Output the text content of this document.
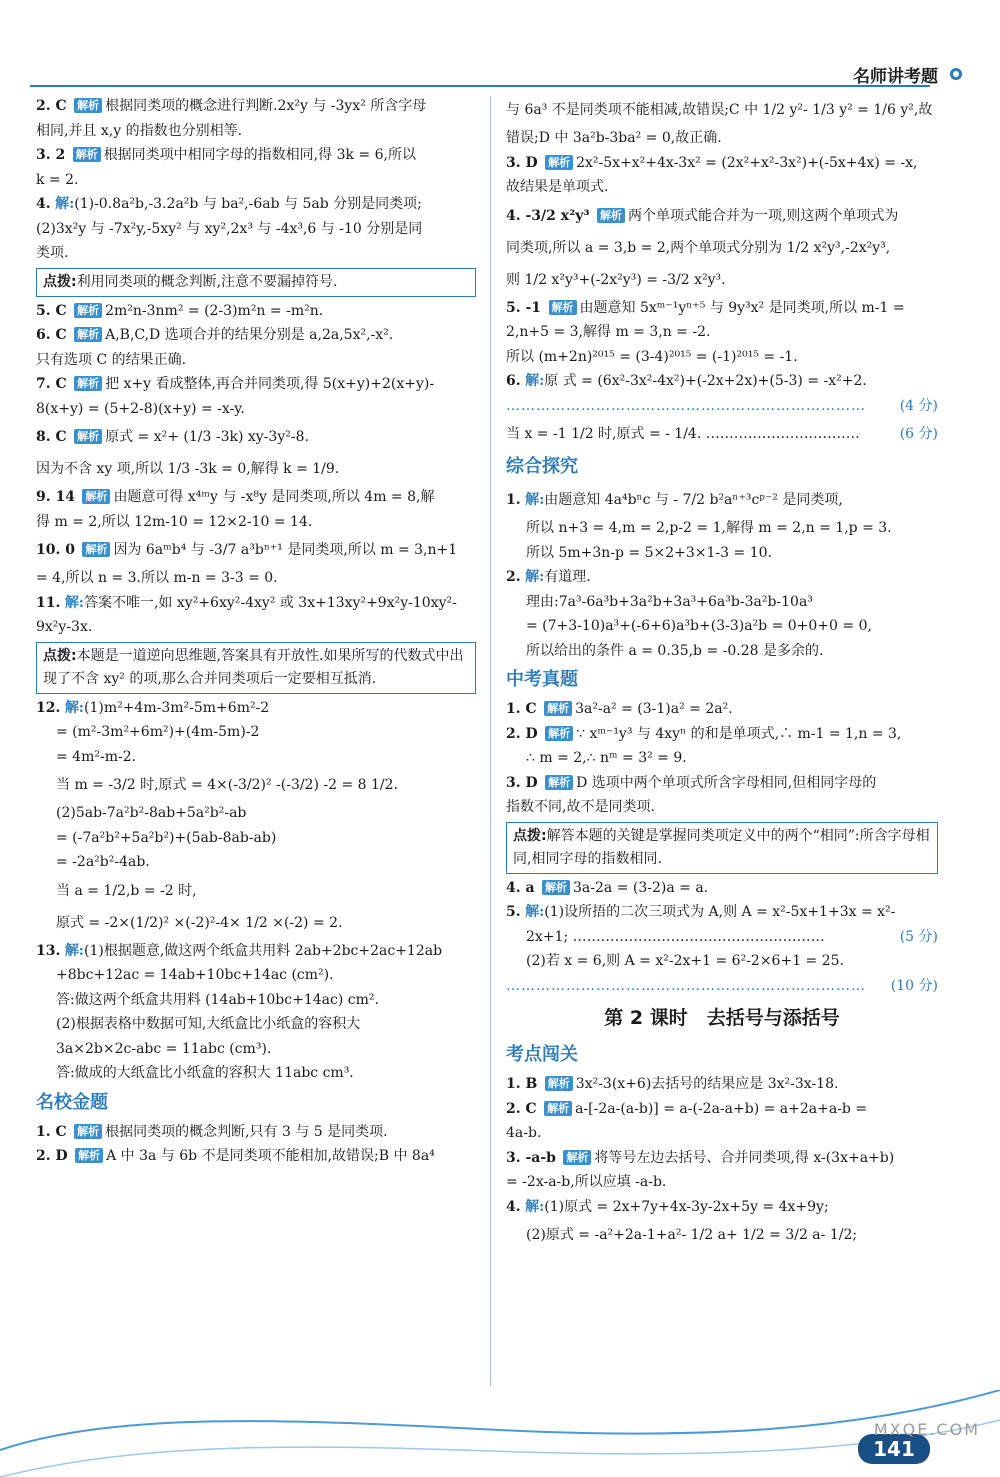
名师讲考题
2. C 解析 根据同类项的概念进行判断.2x²y 与 -3yx² 所含字母
相同,并且 x,y 的指数也分别相等.
3. 2 解析 根据同类项中相同字母的指数相同,得 3k = 6,所以
k = 2.
4. 解:(1)-0.8a²b,-3.2a²b 与 ba²,-6ab 与 5ab 分别是同类项;
(2)3x²y 与 -7x²y,-5xy² 与 xy²,2x³ 与 -4x³,6 与 -10 分别是同
类项.
点拨:利用同类项的概念判断,注意不要漏掉符号.
5. C 解析 2m²n-3nm² = (2-3)m²n = -m²n.
6. C 解析 A,B,C,D 选项合并的结果分别是 a,2a,5x²,-x².
只有选项 C 的结果正确.
7. C 解析 把 x+y 看成整体,再合并同类项,得 5(x+y)+2(x+y)-
8(x+y) = (5+2-8)(x+y) = -x-y.
8. C 解析 原式 = x²+ (1/3 -3k) xy-3y²-8.
因为不含 xy 项,所以 1/3 -3k = 0,解得 k = 1/9.
9. 14 解析 由题意可得 x⁴ᵐy 与 -x⁸y 是同类项,所以 4m = 8,解
得 m = 2,所以 12m-10 = 12×2-10 = 14.
10. 0 解析 因为 6aᵐb⁴ 与 -3/7 a³bⁿ⁺¹ 是同类项,所以 m = 3,n+1
= 4,所以 n = 3.所以 m-n = 3-3 = 0.
11. 解:答案不唯一,如 xy²+6xy²-4xy² 或 3x+13xy²+9x²y-10xy²-
9x²y-3x.
点拨:本题是一道逆向思维题,答案具有开放性.如果所写的代数式中出现了不含 xy² 的项,那么合并同类项后一定要相互抵消.
12. 解:(1)m²+4m-3m²-5m+6m²-2
= (m²-3m²+6m²)+(4m-5m)-2
= 4m²-m-2.
当 m = -3/2 时,原式 = 4×(-3/2)² -(-3/2) -2 = 8 1/2.
(2)5ab-7a²b²-8ab+5a²b²-ab
= (-7a²b²+5a²b²)+(5ab-8ab-ab)
= -2a²b²-4ab.
当 a = 1/2,b = -2 时,
原式 = -2×(1/2)² ×(-2)²-4× 1/2 ×(-2) = 2.
13. 解:(1)根据题意,做这两个纸盒共用料 2ab+2bc+2ac+12ab
+8bc+12ac = 14ab+10bc+14ac (cm²).
答:做这两个纸盒共用料 (14ab+10bc+14ac) cm².
(2)根据表格中数据可知,大纸盒比小纸盒的容积大
3a×2b×2c-abc = 11abc (cm³).
答:做成的大纸盒比小纸盒的容积大 11abc cm³.
名校金题
1. C 解析 根据同类项的概念判断,只有 3 与 5 是同类项.
2. D 解析 A 中 3a 与 6b 不是同类项不能相加,故错误;B 中 8a⁴
与 6a³ 不是同类项不能相减,故错误;C 中 1/2 y²- 1/3 y² = 1/6 y²,故
错误;D 中 3a²b-3ba² = 0,故正确.
3. D 解析 2x²-5x+x²+4x-3x² = (2x²+x²-3x²)+(-5x+4x) = -x,
故结果是单项式.
4. -3/2 x²y³ 解析 两个单项式能合并为一项,则这两个单项式为
同类项,所以 a = 3,b = 2,两个单项式分别为 1/2 x²y³,-2x²y³,
则 1/2 x²y³+(-2x²y³) = -3/2 x²y³.
5. -1 解析 由题意知 5xᵐ⁻¹yⁿ⁺⁵ 与 9y³x² 是同类项,所以 m-1 =
2,n+5 = 3,解得 m = 3,n = -2.
所以 (m+2n)²⁰¹⁵ = (3-4)²⁰¹⁵ = (-1)²⁰¹⁵ = -1.
6. 解:原 式 = (6x²-3x²-4x²)+(-2x+2x)+(5-3) = -x²+2.
……………………………………………………………… (4 分)
当 x = -1 1/2 时,原式 = - 1/4. ……………………………	(6 分)
综合探究
1. 解:由题意知 4a⁴bⁿc 与 - 7/2 b²aⁿ⁺³cᵖ⁻² 是同类项,
所以 n+3 = 4,m = 2,p-2 = 1,解得 m = 2,n = 1,p = 3.
所以 5m+3n-p = 5×2+3×1-3 = 10.
2. 解:有道理.
理由:7a³-6a³b+3a²b+3a³+6a³b-3a²b-10a³
= (7+3-10)a³+(-6+6)a³b+(3-3)a²b = 0+0+0 = 0,
所以给出的条件 a = 0.35,b = -0.28 是多余的.
中考真题
1. C 解析 3a²-a² = (3-1)a² = 2a².
2. D 解析 ∵ xᵐ⁻¹y³ 与 4xyⁿ 的和是单项式,∴ m-1 = 1,n = 3,
∴ m = 2,∴ nᵐ = 3² = 9.
3. D 解析 D 选项中两个单项式所含字母相同,但相同字母的
指数不同,故不是同类项.
点拨:解答本题的关键是掌握同类项定义中的两个“相同”:所含字母相同,相同字母的指数相同.
4. a 解析 3a-2a = (3-2)a = a.
5. 解:(1)设所捂的二次三项式为 A,则 A = x²-5x+1+3x = x²-
2x+1; ………………………………………………	(5 分)
(2)若 x = 6,则 A = x²-2x+1 = 6²-2×6+1 = 25.
……………………………………………………………… (10 分)
第 2 课时　去括号与添括号
考点闯关
1. B 解析 3x²-3(x+6)去括号的结果应是 3x²-3x-18.
2. C 解析 a-[-2a-(a-b)] = a-(-2a-a+b) = a+2a+a-b =
4a-b.
3. -a-b 解析 将等号左边去括号、合并同类项,得 x-(3x+a+b)
= -2x-a-b,所以应填 -a-b.
4. 解:(1)原式 = 2x+7y+4x-3y-2x+5y = 4x+9y;
(2)原式 = -a²+2a-1+a²- 1/2 a+ 1/2 = 3/2 a- 1/2;
141
MXQE.COM
